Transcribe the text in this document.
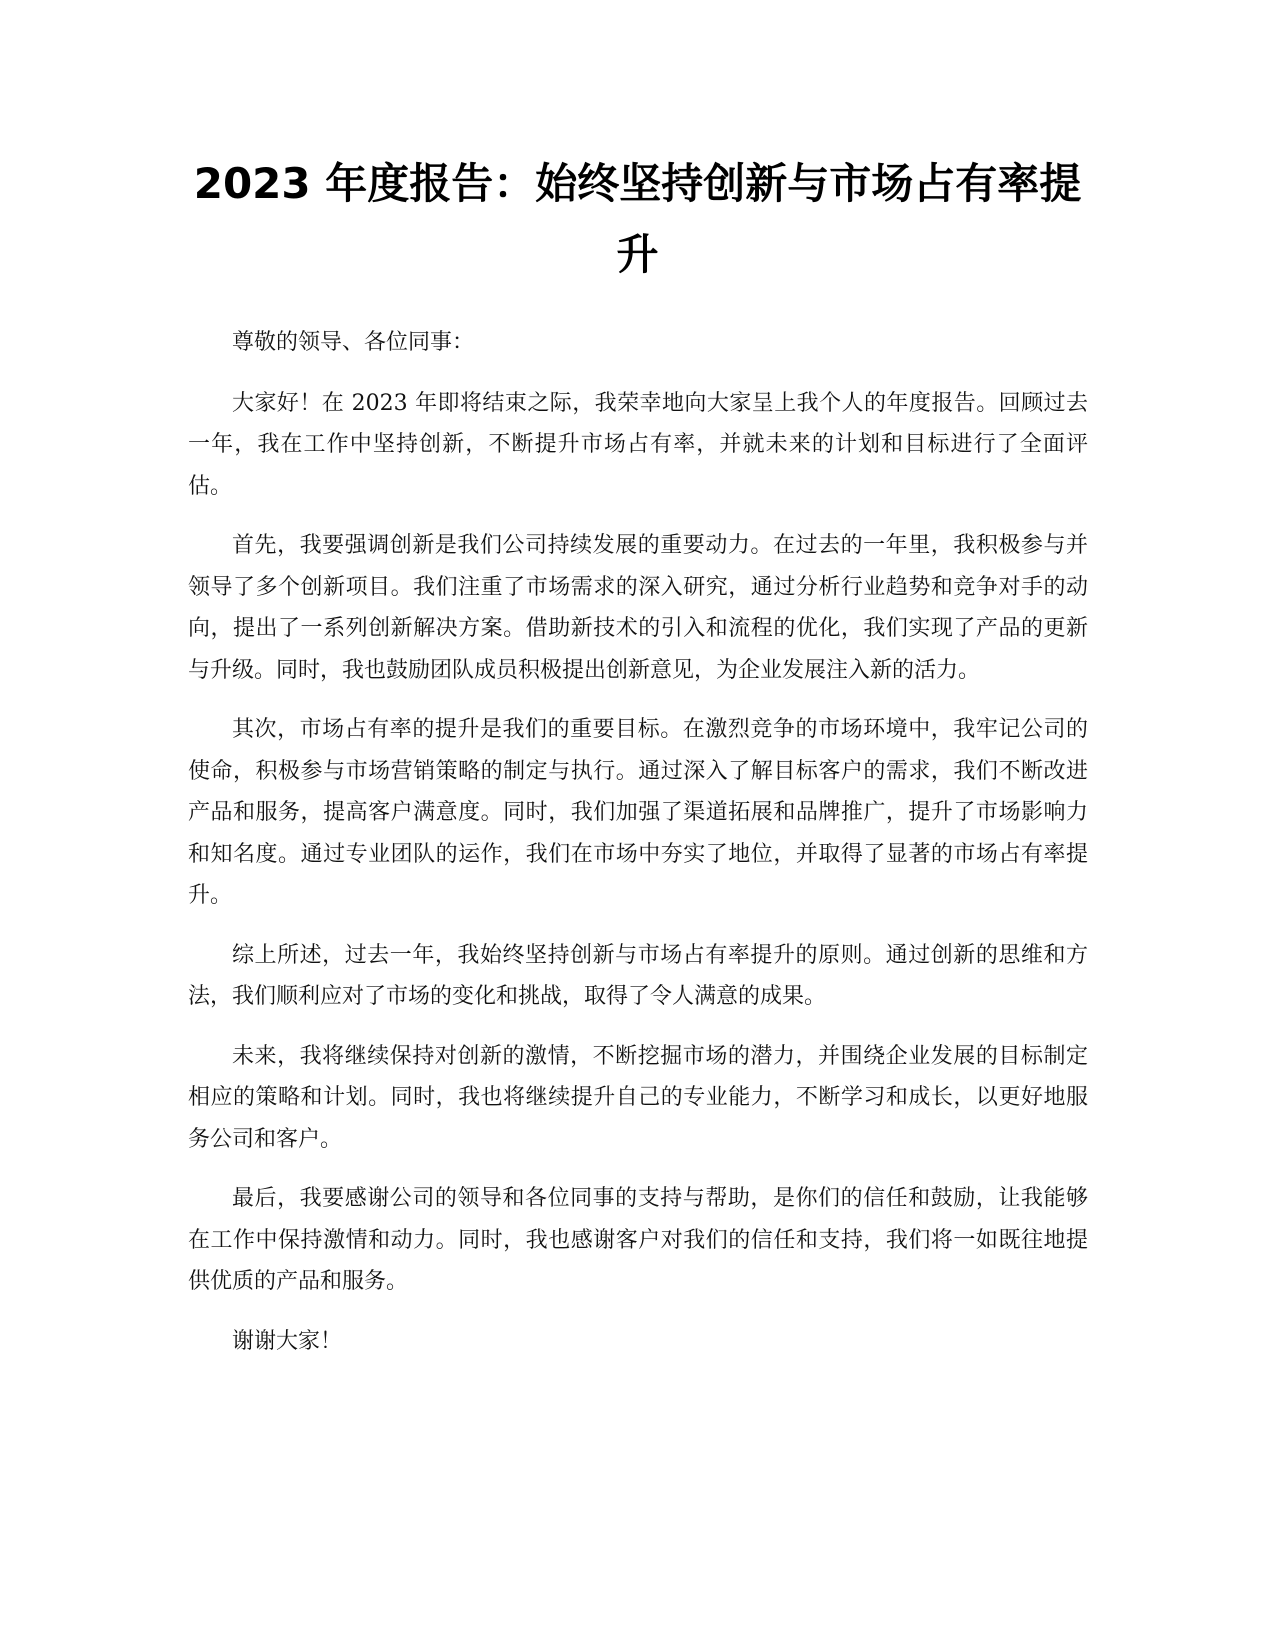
2023 年度报告：始终坚持创新与市场占有率提升

尊敬的领导、各位同事：

大家好！在 2023 年即将结束之际，我荣幸地向大家呈上我个人的年度报告。回顾过去一年，我在工作中坚持创新，不断提升市场占有率，并就未来的计划和目标进行了全面评估。

首先，我要强调创新是我们公司持续发展的重要动力。在过去的一年里，我积极参与并领导了多个创新项目。我们注重了市场需求的深入研究，通过分析行业趋势和竞争对手的动向，提出了一系列创新解决方案。借助新技术的引入和流程的优化，我们实现了产品的更新与升级。同时，我也鼓励团队成员积极提出创新意见，为企业发展注入新的活力。

其次，市场占有率的提升是我们的重要目标。在激烈竞争的市场环境中，我牢记公司的使命，积极参与市场营销策略的制定与执行。通过深入了解目标客户的需求，我们不断改进产品和服务，提高客户满意度。同时，我们加强了渠道拓展和品牌推广，提升了市场影响力和知名度。通过专业团队的运作，我们在市场中夯实了地位，并取得了显著的市场占有率提升。

综上所述，过去一年，我始终坚持创新与市场占有率提升的原则。通过创新的思维和方法，我们顺利应对了市场的变化和挑战，取得了令人满意的成果。

未来，我将继续保持对创新的激情，不断挖掘市场的潜力，并围绕企业发展的目标制定相应的策略和计划。同时，我也将继续提升自己的专业能力，不断学习和成长，以更好地服务公司和客户。

最后，我要感谢公司的领导和各位同事的支持与帮助，是你们的信任和鼓励，让我能够在工作中保持激情和动力。同时，我也感谢客户对我们的信任和支持，我们将一如既往地提供优质的产品和服务。

谢谢大家！
